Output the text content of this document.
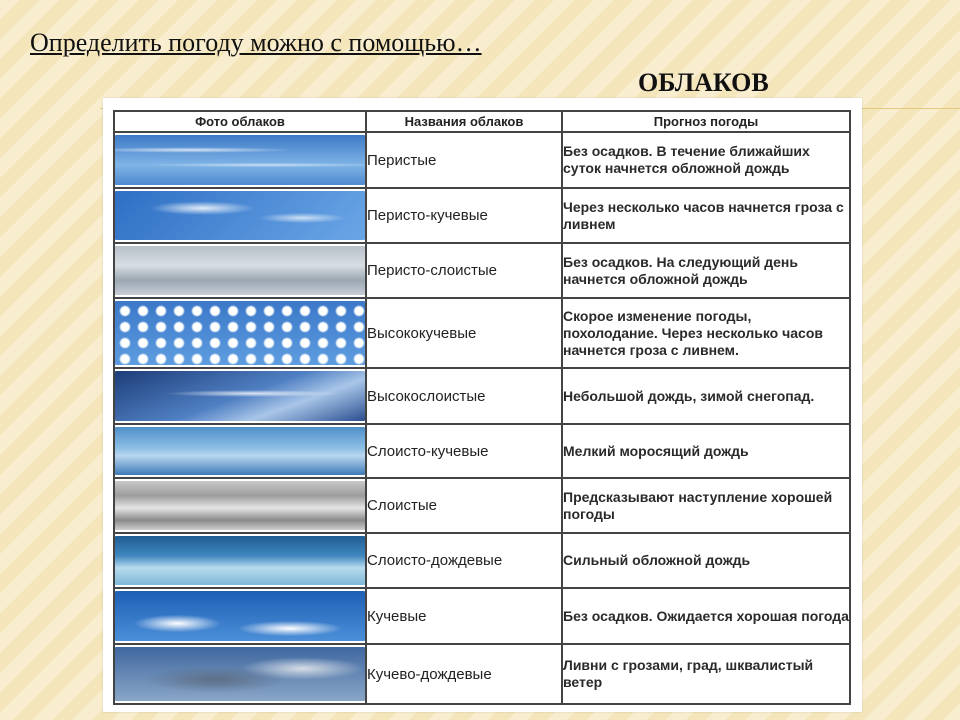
Определить погоду можно с помощью…
ОБЛАКОВ
Фото облаков	Названия облаков	Прогноз погоды

	Перистые	Без осадков. В течение ближайших суток начнется обложной дождь

	Перисто-кучевые	Через несколько часов начнется гроза с ливнем

	Перисто-слоистые	Без осадков. На следующий день начнется обложной дождь

	Высококучевые	Скорое изменение погоды, похолодание. Через несколько часов начнется гроза с ливнем.

	Высокослоистые	Небольшой дождь, зимой снегопад.

	Слоисто-кучевые	Мелкий моросящий дождь

	Слоистые	Предсказывают наступление хорошей погоды

	Слоисто-дождевые	Сильный обложной дождь

	Кучевые	Без осадков. Ожидается хорошая погода

	Кучево-дождевые	Ливни с грозами, град, шквалистый ветер
